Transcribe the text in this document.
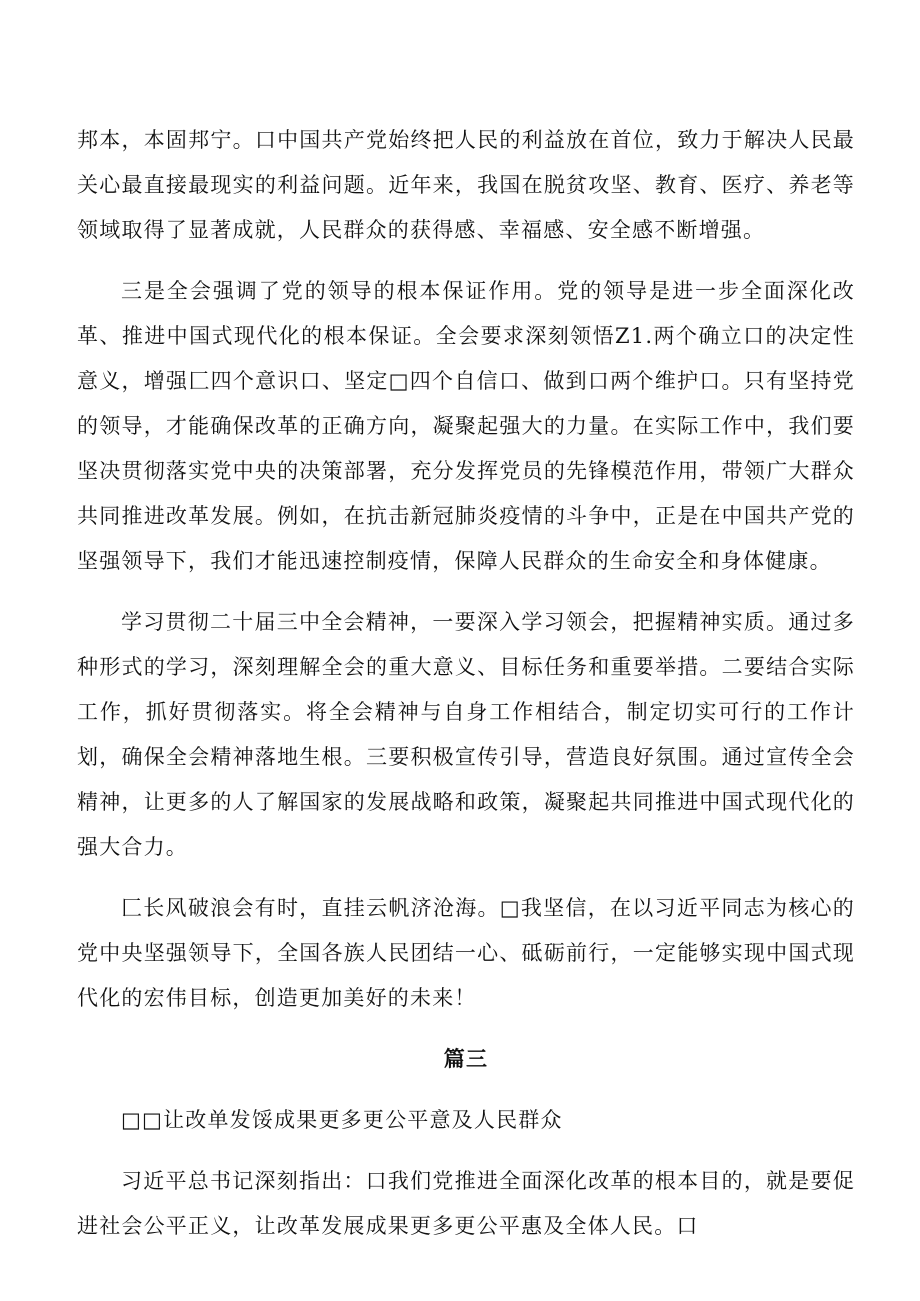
邦本，本固邦宁。口中国共产党始终把人民的利益放在首位，致力于解决人民最关心最直接最现实的利益问题。近年来，我国在脱贫攻坚、教育、医疗、养老等领域取得了显著成就，人民群众的获得感、幸福感、安全感不断增强。

三是全会强调了党的领导的根本保证作用。党的领导是进一步全面深化改革、推进中国式现代化的根本保证。全会要求深刻领悟Z1.两个确立口的决定性意义，增强匚四个意识口、坚定□四个自信口、做到口两个维护口。只有坚持党的领导，才能确保改革的正确方向，凝聚起强大的力量。在实际工作中，我们要坚决贯彻落实党中央的决策部署，充分发挥党员的先锋模范作用，带领广大群众共同推进改革发展。例如，在抗击新冠肺炎疫情的斗争中，正是在中国共产党的坚强领导下，我们才能迅速控制疫情，保障人民群众的生命安全和身体健康。

学习贯彻二十届三中全会精神，一要深入学习领会，把握精神实质。通过多种形式的学习，深刻理解全会的重大意义、目标任务和重要举措。二要结合实际工作，抓好贯彻落实。将全会精神与自身工作相结合，制定切实可行的工作计划，确保全会精神落地生根。三要积极宣传引导，营造良好氛围。通过宣传全会精神，让更多的人了解国家的发展战略和政策，凝聚起共同推进中国式现代化的强大合力。

匚长风破浪会有时，直挂云帆济沧海。□我坚信，在以习近平同志为核心的党中央坚强领导下，全国各族人民团结一心、砥砺前行，一定能够实现中国式现代化的宏伟目标，创造更加美好的未来！

篇三

□□让改单发馁成果更多更公平意及人民群众

习近平总书记深刻指出：口我们党推进全面深化改革的根本目的，就是要促进社会公平正义，让改革发展成果更多更公平惠及全体人民。口
